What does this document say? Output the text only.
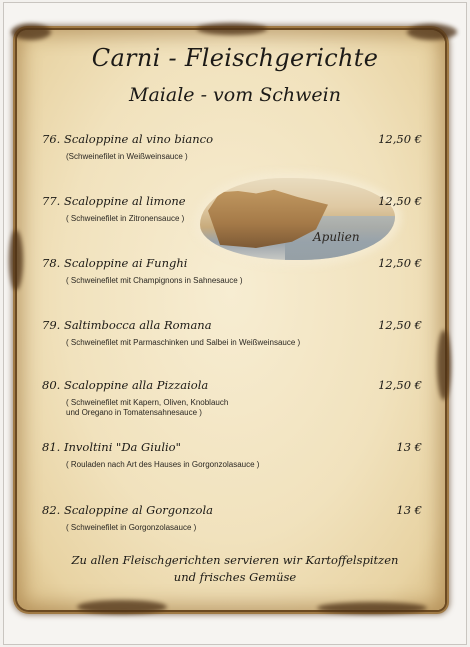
Carni - Fleischgerichte
Maiale - vom Schwein
Apulien
76. Scaloppine al vino bianco	12,50 €
(Schweinefilet in Weißweinsauce )
77. Scaloppine al limone	12,50 €
( Schweinefilet in Zitronensauce )
78. Scaloppine ai Funghi	12,50 €
( Schweinefilet mit Champignons in Sahnesauce )
79. Saltimbocca alla Romana	12,50 €
( Schweinefilet mit Parmaschinken und Salbei in Weißweinsauce )
80. Scaloppine alla Pizzaiola	12,50 €
( Schweinefilet mit Kapern, Oliven, Knoblauch
und Oregano in Tomatensahnesauce )
81. Involtini "Da Giulio"	13 €
( Rouladen nach Art des Hauses in Gorgonzolasauce )
82. Scaloppine al Gorgonzola	13 €
( Schweinefilet in Gorgonzolasauce )
Zu allen Fleischgerichten servieren wir Kartoffelspitzen
und frisches Gemüse
